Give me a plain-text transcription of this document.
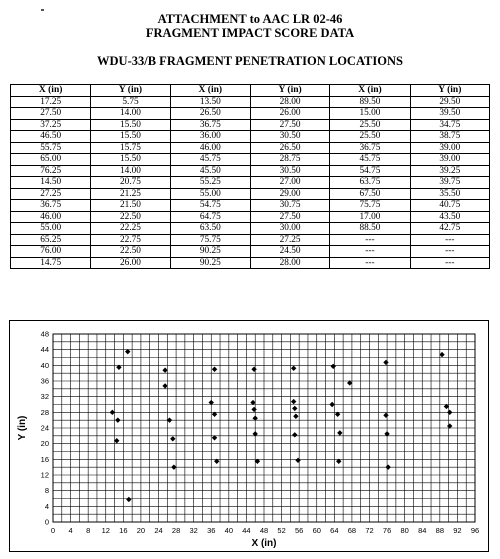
ATTACHMENT to AAC LR 02-46
FRAGMENT IMPACT SCORE DATA
WDU-33/B FRAGMENT PENETRATION LOCATIONS
X (in)	Y (in)	X (in)	Y (in)	X (in)	Y (in)
17.25	5.75	13.50	28.00	89.50	29.50
27.50	14.00	26.50	26.00	15.00	39.50
37.25	15.50	36.75	27.50	25.50	34.75
46.50	15.50	36.00	30.50	25.50	38.75
55.75	15.75	46.00	26.50	36.75	39.00
65.00	15.50	45.75	28.75	45.75	39.00
76.25	14.00	45.50	30.50	54.75	39.25
14.50	20.75	55.25	27.00	63.75	39.75
27.25	21.25	55.00	29.00	67.50	35.50
36.75	21.50	54.75	30.75	75.75	40.75
46.00	22.50	64.75	27.50	17.00	43.50
55.00	22.25	63.50	30.00	88.50	42.75
65.25	22.75	75.75	27.25	---	---
76.00	22.50	90.25	24.50	---	---
14.75	26.00	90.25	28.00	---	---
0 4 8 12 16 20 24 28 32 36 40 44 48 52 56 60 64 68 72 76 80 84 88 92 96
0
4
8
12
16
20
24
28
32
36
40
44
48
X (in)
Y (in)
